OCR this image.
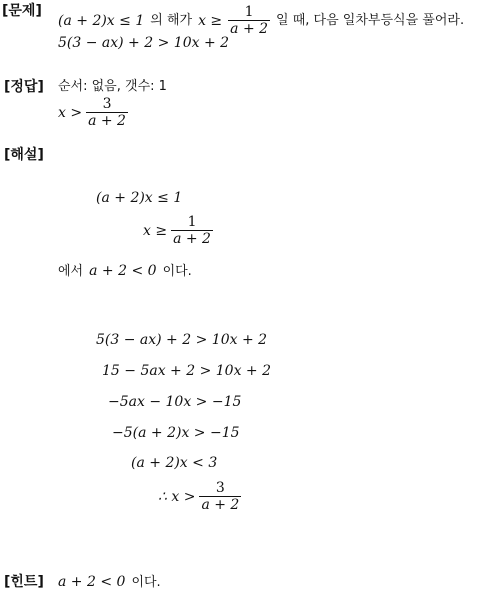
[문제]
[정답]
[해설]
[힌트]
(a + 2)x ≤ 1 의 해가 $x \ge \frac{1}{a + 2}$ 일 때, 다음 일차부등식을 풀어라.
5(3 − ax) + 2 > 10x + 2
순서: 없음, 갯수: 1
$x > \frac{3}{a + 2}$
(a + 2)x ≤ 1
$x \ge \frac{1}{a + 2}$
에서 a + 2 < 0 이다.
5(3 − ax) + 2 > 10x + 2
15 − 5ax + 2 > 10x + 2
−5ax − 10x > −15
−5(a + 2)x > −15
(a + 2)x < 3
∴ $x > \frac{3}{a + 2}$
a + 2 < 0 이다.
